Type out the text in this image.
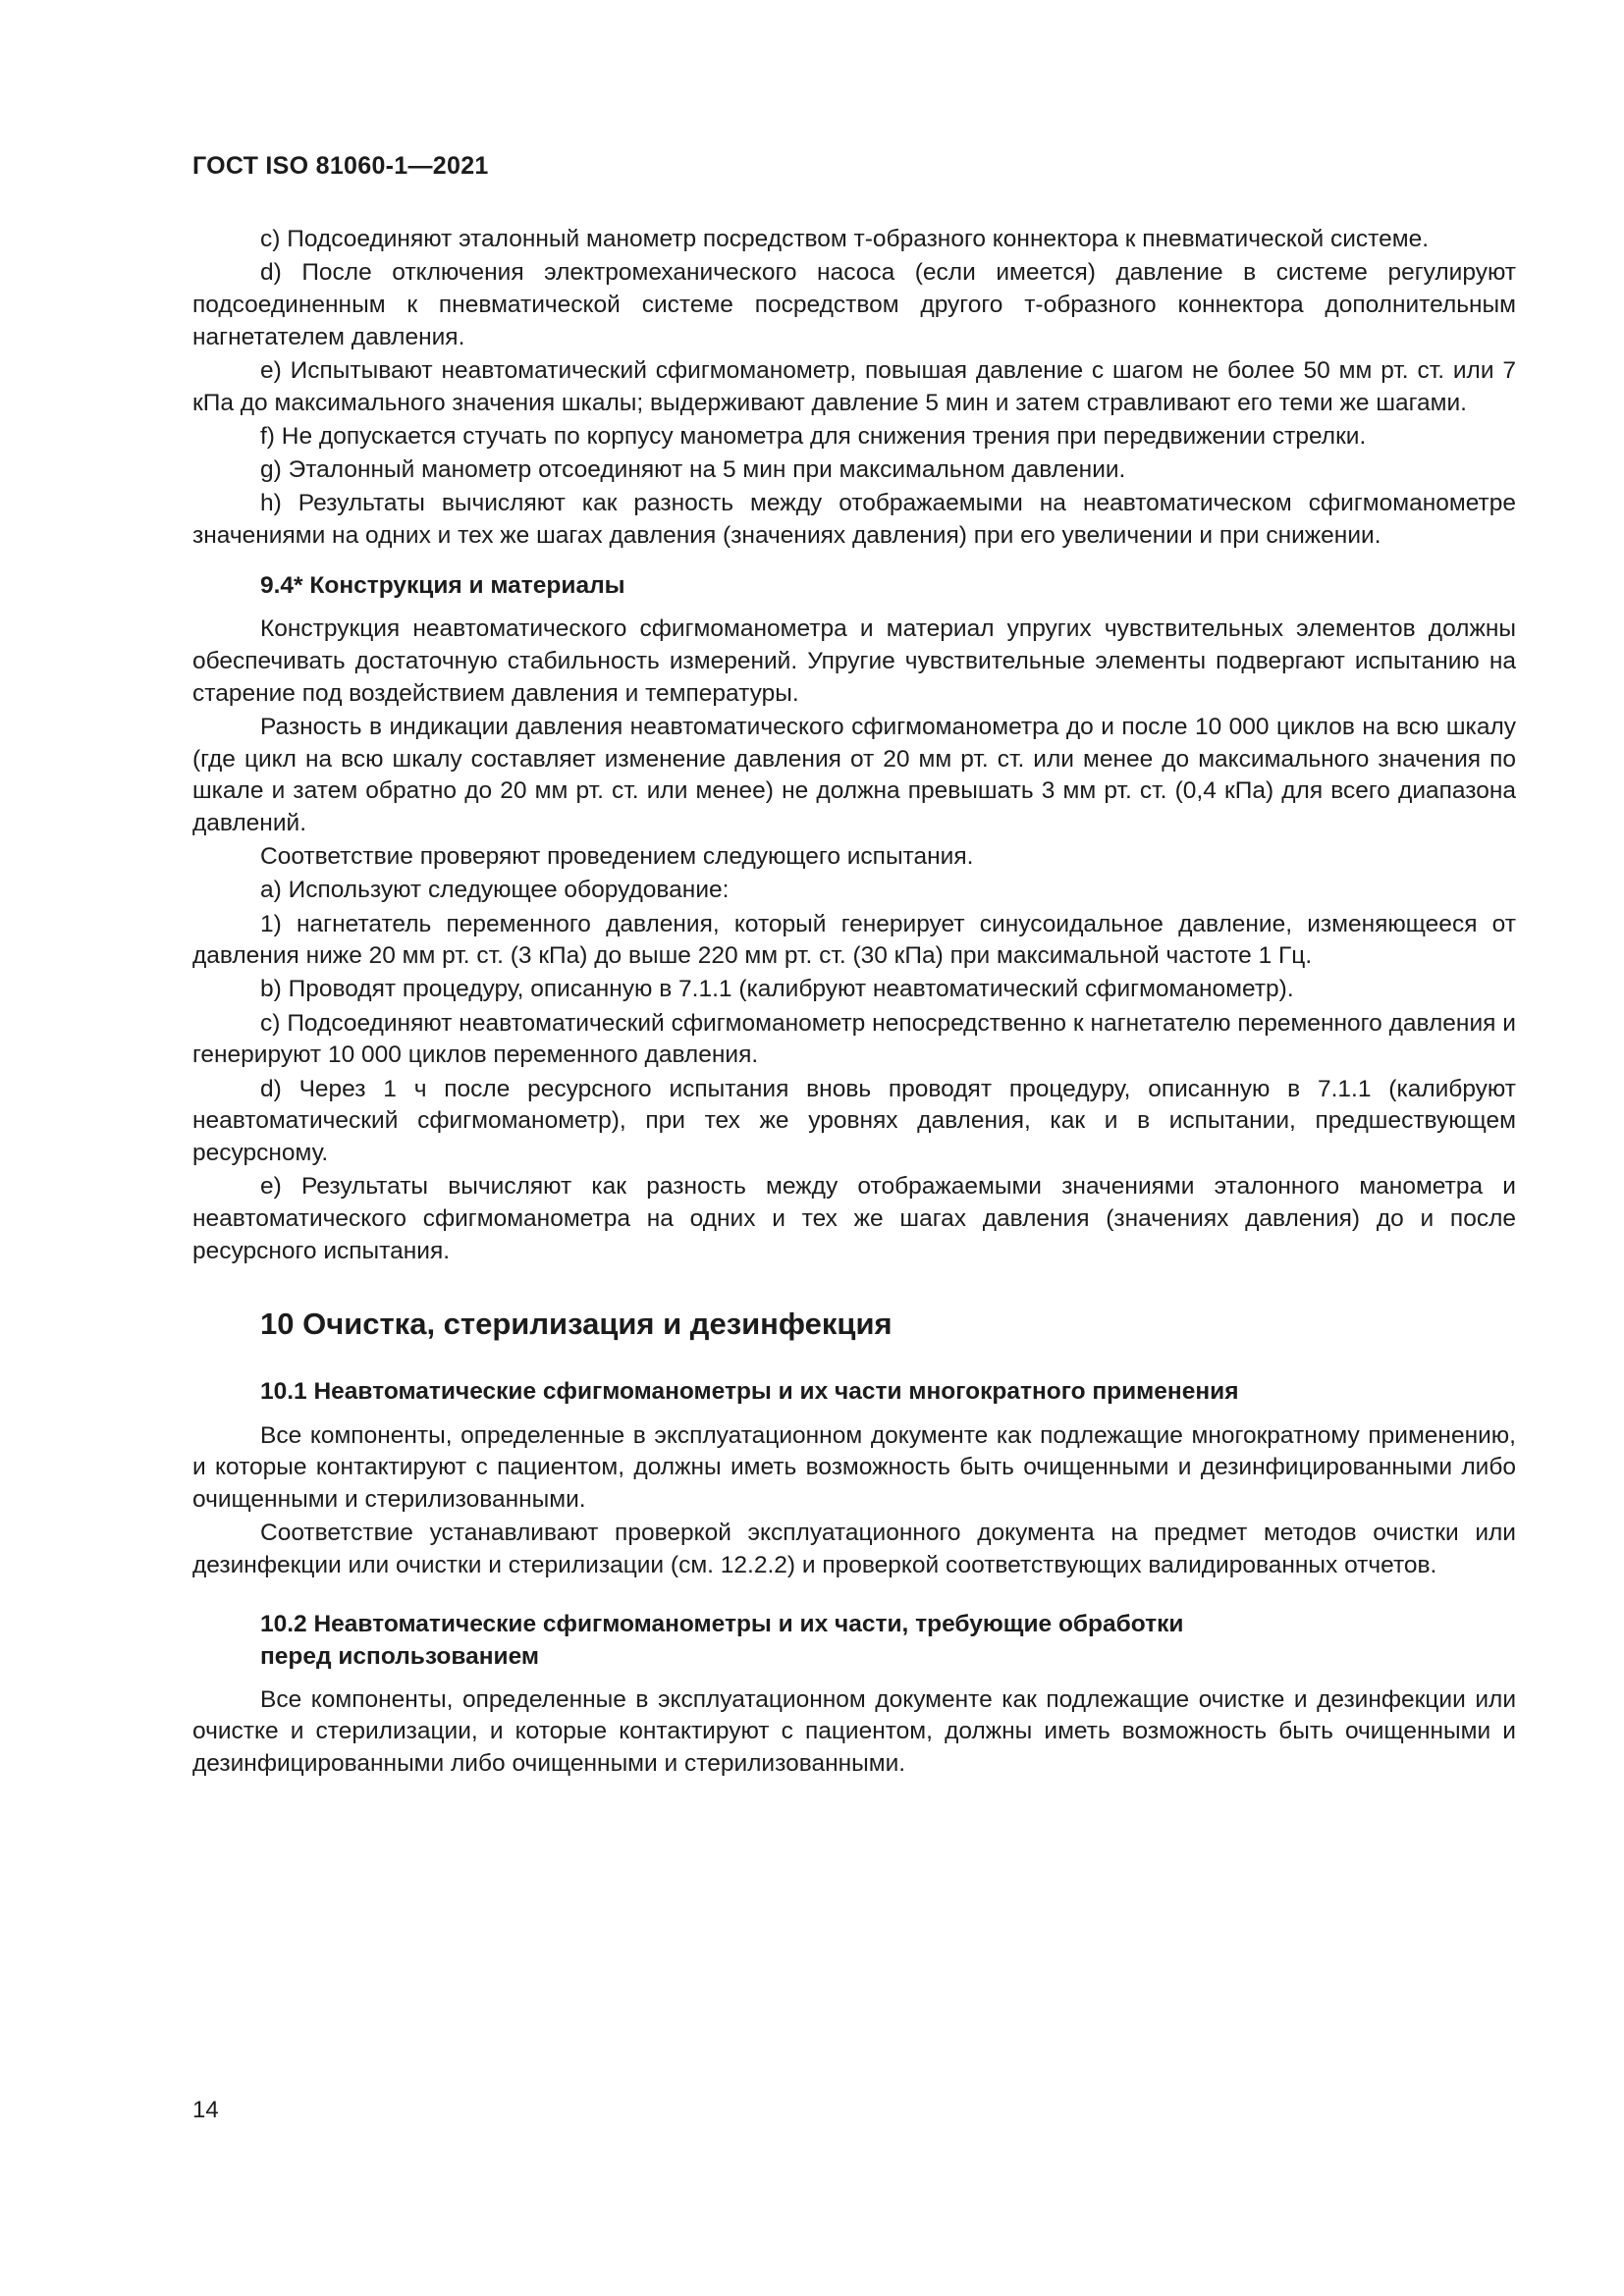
ГОСТ ISO 81060-1—2021

c) Подсоединяют эталонный манометр посредством т-образного коннектора к пневматической системе.

d) После отключения электромеханического насоса (если имеется) давление в системе регулируют подсоединенным к пневматической системе посредством другого т-образного коннектора дополнительным нагнетателем давления.

e) Испытывают неавтоматический сфигмоманометр, повышая давление с шагом не более 50 мм рт. ст. или 7 кПа до максимального значения шкалы; выдерживают давление 5 мин и затем стравливают его теми же шагами.

f) Не допускается стучать по корпусу манометра для снижения трения при передвижении стрелки.

g) Эталонный манометр отсоединяют на 5 мин при максимальном давлении.

h) Результаты вычисляют как разность между отображаемыми на неавтоматическом сфигмоманометре значениями на одних и тех же шагах давления (значениях давления) при его увеличении и при снижении.

9.4* Конструкция и материалы

Конструкция неавтоматического сфигмоманометра и материал упругих чувствительных элементов должны обеспечивать достаточную стабильность измерений. Упругие чувствительные элементы подвергают испытанию на старение под воздействием давления и температуры.

Разность в индикации давления неавтоматического сфигмоманометра до и после 10 000 циклов на всю шкалу (где цикл на всю шкалу составляет изменение давления от 20 мм рт. ст. или менее до максимального значения по шкале и затем обратно до 20 мм рт. ст. или менее) не должна превышать 3 мм рт. ст. (0,4 кПа) для всего диапазона давлений.

Соответствие проверяют проведением следующего испытания.

a) Используют следующее оборудование:

1) нагнетатель переменного давления, который генерирует синусоидальное давление, изменяющееся от давления ниже 20 мм рт. ст. (3 кПа) до выше 220 мм рт. ст. (30 кПа) при максимальной частоте 1 Гц.

b) Проводят процедуру, описанную в 7.1.1 (калибруют неавтоматический сфигмоманометр).

c) Подсоединяют неавтоматический сфигмоманометр непосредственно к нагнетателю переменного давления и генерируют 10 000 циклов переменного давления.

d) Через 1 ч после ресурсного испытания вновь проводят процедуру, описанную в 7.1.1 (калибруют неавтоматический сфигмоманометр), при тех же уровнях давления, как и в испытании, предшествующем ресурсному.

e) Результаты вычисляют как разность между отображаемыми значениями эталонного манометра и неавтоматического сфигмоманометра на одних и тех же шагах давления (значениях давления) до и после ресурсного испытания.

10 Очистка, стерилизация и дезинфекция
10.1 Неавтоматические сфигмоманометры и их части многократного применения

Все компоненты, определенные в эксплуатационном документе как подлежащие многократному применению, и которые контактируют с пациентом, должны иметь возможность быть очищенными и дезинфицированными либо очищенными и стерилизованными.

Соответствие устанавливают проверкой эксплуатационного документа на предмет методов очистки или дезинфекции или очистки и стерилизации (см. 12.2.2) и проверкой соответствующих валидированных отчетов.

10.2 Неавтоматические сфигмоманометры и их части, требующие обработки
перед использованием

Все компоненты, определенные в эксплуатационном документе как подлежащие очистке и дезинфекции или очистке и стерилизации, и которые контактируют с пациентом, должны иметь возможность быть очищенными и дезинфицированными либо очищенными и стерилизованными.

14
